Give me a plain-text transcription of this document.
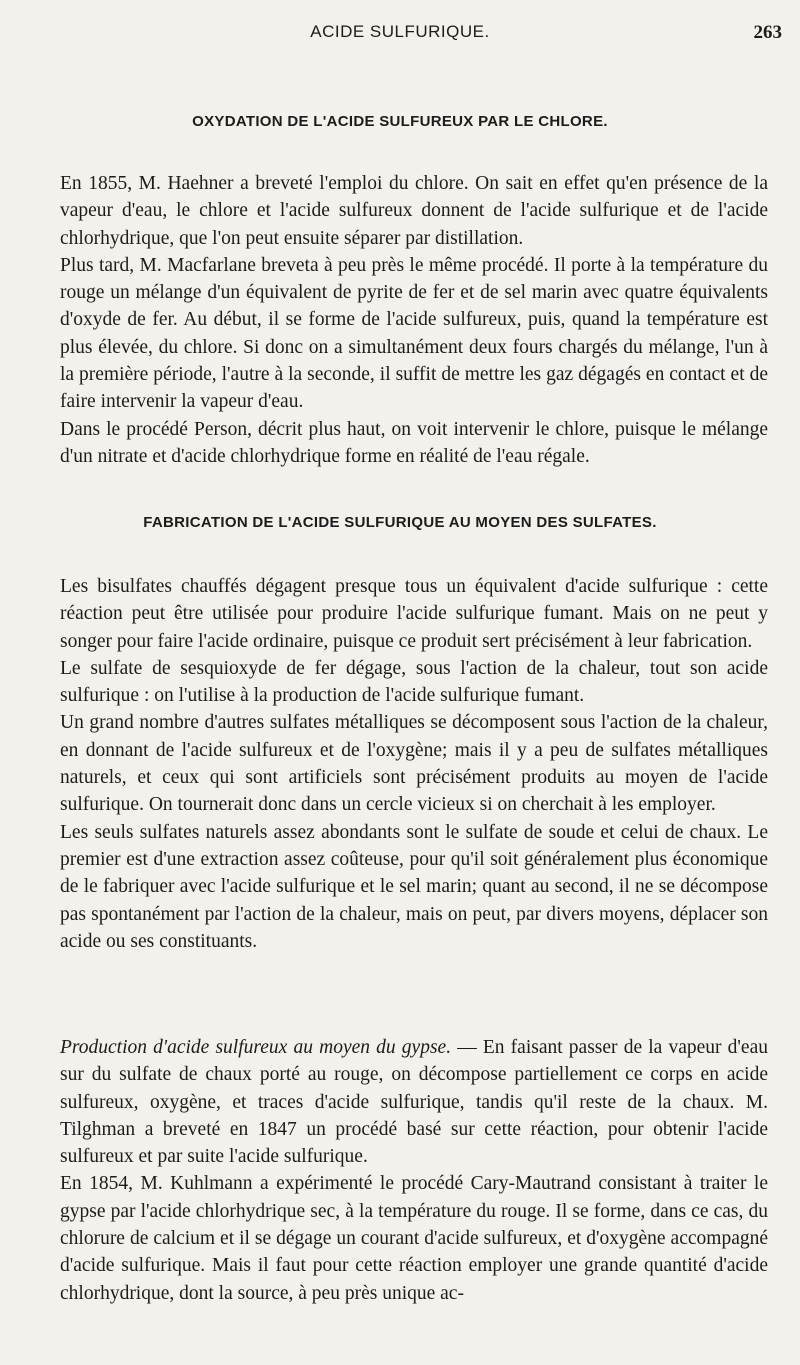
ACIDE SULFURIQUE.	263
OXYDATION DE L'ACIDE SULFUREUX PAR LE CHLORE.

En 1855, M. Haehner a breveté l'emploi du chlore. On sait en effet qu'en présence de la vapeur d'eau, le chlore et l'acide sulfureux donnent de l'acide sulfurique et de l'acide chlorhydrique, que l'on peut ensuite séparer par distillation.

Plus tard, M. Macfarlane breveta à peu près le même procédé. Il porte à la température du rouge un mélange d'un équivalent de pyrite de fer et de sel marin avec quatre équivalents d'oxyde de fer. Au début, il se forme de l'acide sulfureux, puis, quand la température est plus élevée, du chlore. Si donc on a simultanément deux fours chargés du mélange, l'un à la première période, l'autre à la seconde, il suffit de mettre les gaz dégagés en contact et de faire intervenir la vapeur d'eau.

Dans le procédé Person, décrit plus haut, on voit intervenir le chlore, puisque le mélange d'un nitrate et d'acide chlorhydrique forme en réalité de l'eau régale.

FABRICATION DE L'ACIDE SULFURIQUE AU MOYEN DES SULFATES.

Les bisulfates chauffés dégagent presque tous un équivalent d'acide sulfurique : cette réaction peut être utilisée pour produire l'acide sulfurique fumant. Mais on ne peut y songer pour faire l'acide ordinaire, puisque ce produit sert précisément à leur fabrication.

Le sulfate de sesquioxyde de fer dégage, sous l'action de la chaleur, tout son acide sulfurique : on l'utilise à la production de l'acide sulfurique fumant.

Un grand nombre d'autres sulfates métalliques se décomposent sous l'action de la chaleur, en donnant de l'acide sulfureux et de l'oxygène; mais il y a peu de sulfates métalliques naturels, et ceux qui sont artificiels sont précisément produits au moyen de l'acide sulfurique. On tournerait donc dans un cercle vicieux si on cherchait à les employer.

Les seuls sulfates naturels assez abondants sont le sulfate de soude et celui de chaux. Le premier est d'une extraction assez coûteuse, pour qu'il soit généralement plus économique de le fabriquer avec l'acide sulfurique et le sel marin; quant au second, il ne se décompose pas spontanément par l'action de la chaleur, mais on peut, par divers moyens, déplacer son acide ou ses constituants.

Production d'acide sulfureux au moyen du gypse. — En faisant passer de la vapeur d'eau sur du sulfate de chaux porté au rouge, on décompose partiellement ce corps en acide sulfureux, oxygène, et traces d'acide sulfurique, tandis qu'il reste de la chaux. M. Tilghman a breveté en 1847 un procédé basé sur cette réaction, pour obtenir l'acide sulfureux et par suite l'acide sulfurique.

En 1854, M. Kuhlmann a expérimenté le procédé Cary-Mautrand consistant à traiter le gypse par l'acide chlorhydrique sec, à la température du rouge. Il se forme, dans ce cas, du chlorure de calcium et il se dégage un courant d'acide sulfureux, et d'oxygène accompagné d'acide sulfurique. Mais il faut pour cette réaction employer une grande quantité d'acide chlorhydrique, dont la source, à peu près unique ac-
